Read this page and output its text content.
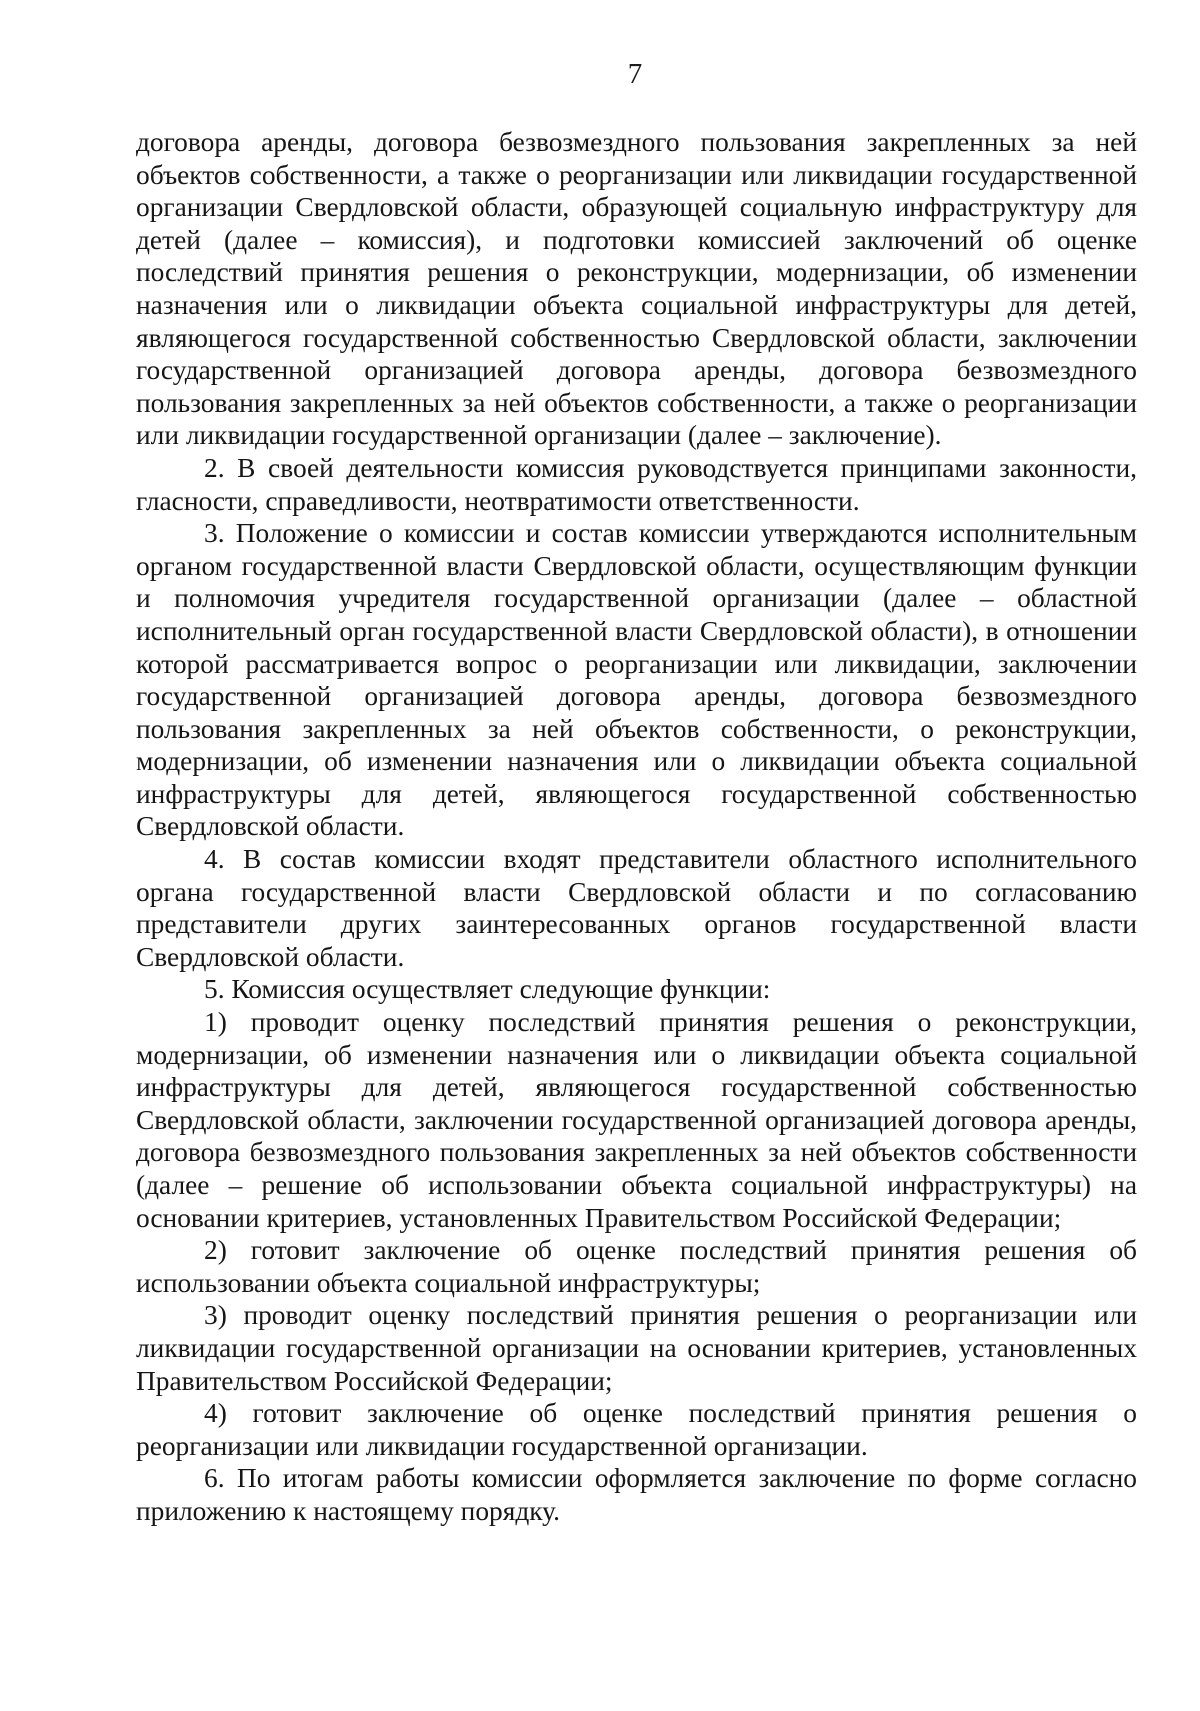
7

договора аренды, договора безвозмездного пользования закрепленных за ней объектов собственности, а также о реорганизации или ликвидации государственной организации Свердловской области, образующей социальную инфраструктуру для детей (далее – комиссия), и подготовки комиссией заключений об оценке последствий принятия решения о реконструкции, модернизации, об изменении назначения или о ликвидации объекта социальной инфраструктуры для детей, являющегося государственной собственностью Свердловской области, заключении государственной организацией договора аренды, договора безвозмездного пользования закрепленных за ней объектов собственности, а также о реорганизации или ликвидации государственной организации (далее – заключение).

2. В своей деятельности комиссия руководствуется принципами законности, гласности, справедливости, неотвратимости ответственности.

3. Положение о комиссии и состав комиссии утверждаются исполнительным органом государственной власти Свердловской области, осуществляющим функции и полномочия учредителя государственной организации (далее – областной исполнительный орган государственной власти Свердловской области), в отношении которой рассматривается вопрос о реорганизации или ликвидации, заключении государственной организацией договора аренды, договора безвозмездного пользования закрепленных за ней объектов собственности, о реконструкции, модернизации, об изменении назначения или о ликвидации объекта социальной инфраструктуры для детей, являющегося государственной собственностью Свердловской области.

4. В состав комиссии входят представители областного исполнительного органа государственной власти Свердловской области и по согласованию представители других заинтересованных органов государственной власти Свердловской области.

5. Комиссия осуществляет следующие функции:

1) проводит оценку последствий принятия решения о реконструкции, модернизации, об изменении назначения или о ликвидации объекта социальной инфраструктуры для детей, являющегося государственной собственностью Свердловской области, заключении государственной организацией договора аренды, договора безвозмездного пользования закрепленных за ней объектов собственности (далее – решение об использовании объекта социальной инфраструктуры) на основании критериев, установленных Правительством Российской Федерации;

2) готовит заключение об оценке последствий принятия решения об использовании объекта социальной инфраструктуры;

3) проводит оценку последствий принятия решения о реорганизации или ликвидации государственной организации на основании критериев, установленных Правительством Российской Федерации;

4) готовит заключение об оценке последствий принятия решения о реорганизации или ликвидации государственной организации.

6. По итогам работы комиссии оформляется заключение по форме согласно приложению к настоящему порядку.
